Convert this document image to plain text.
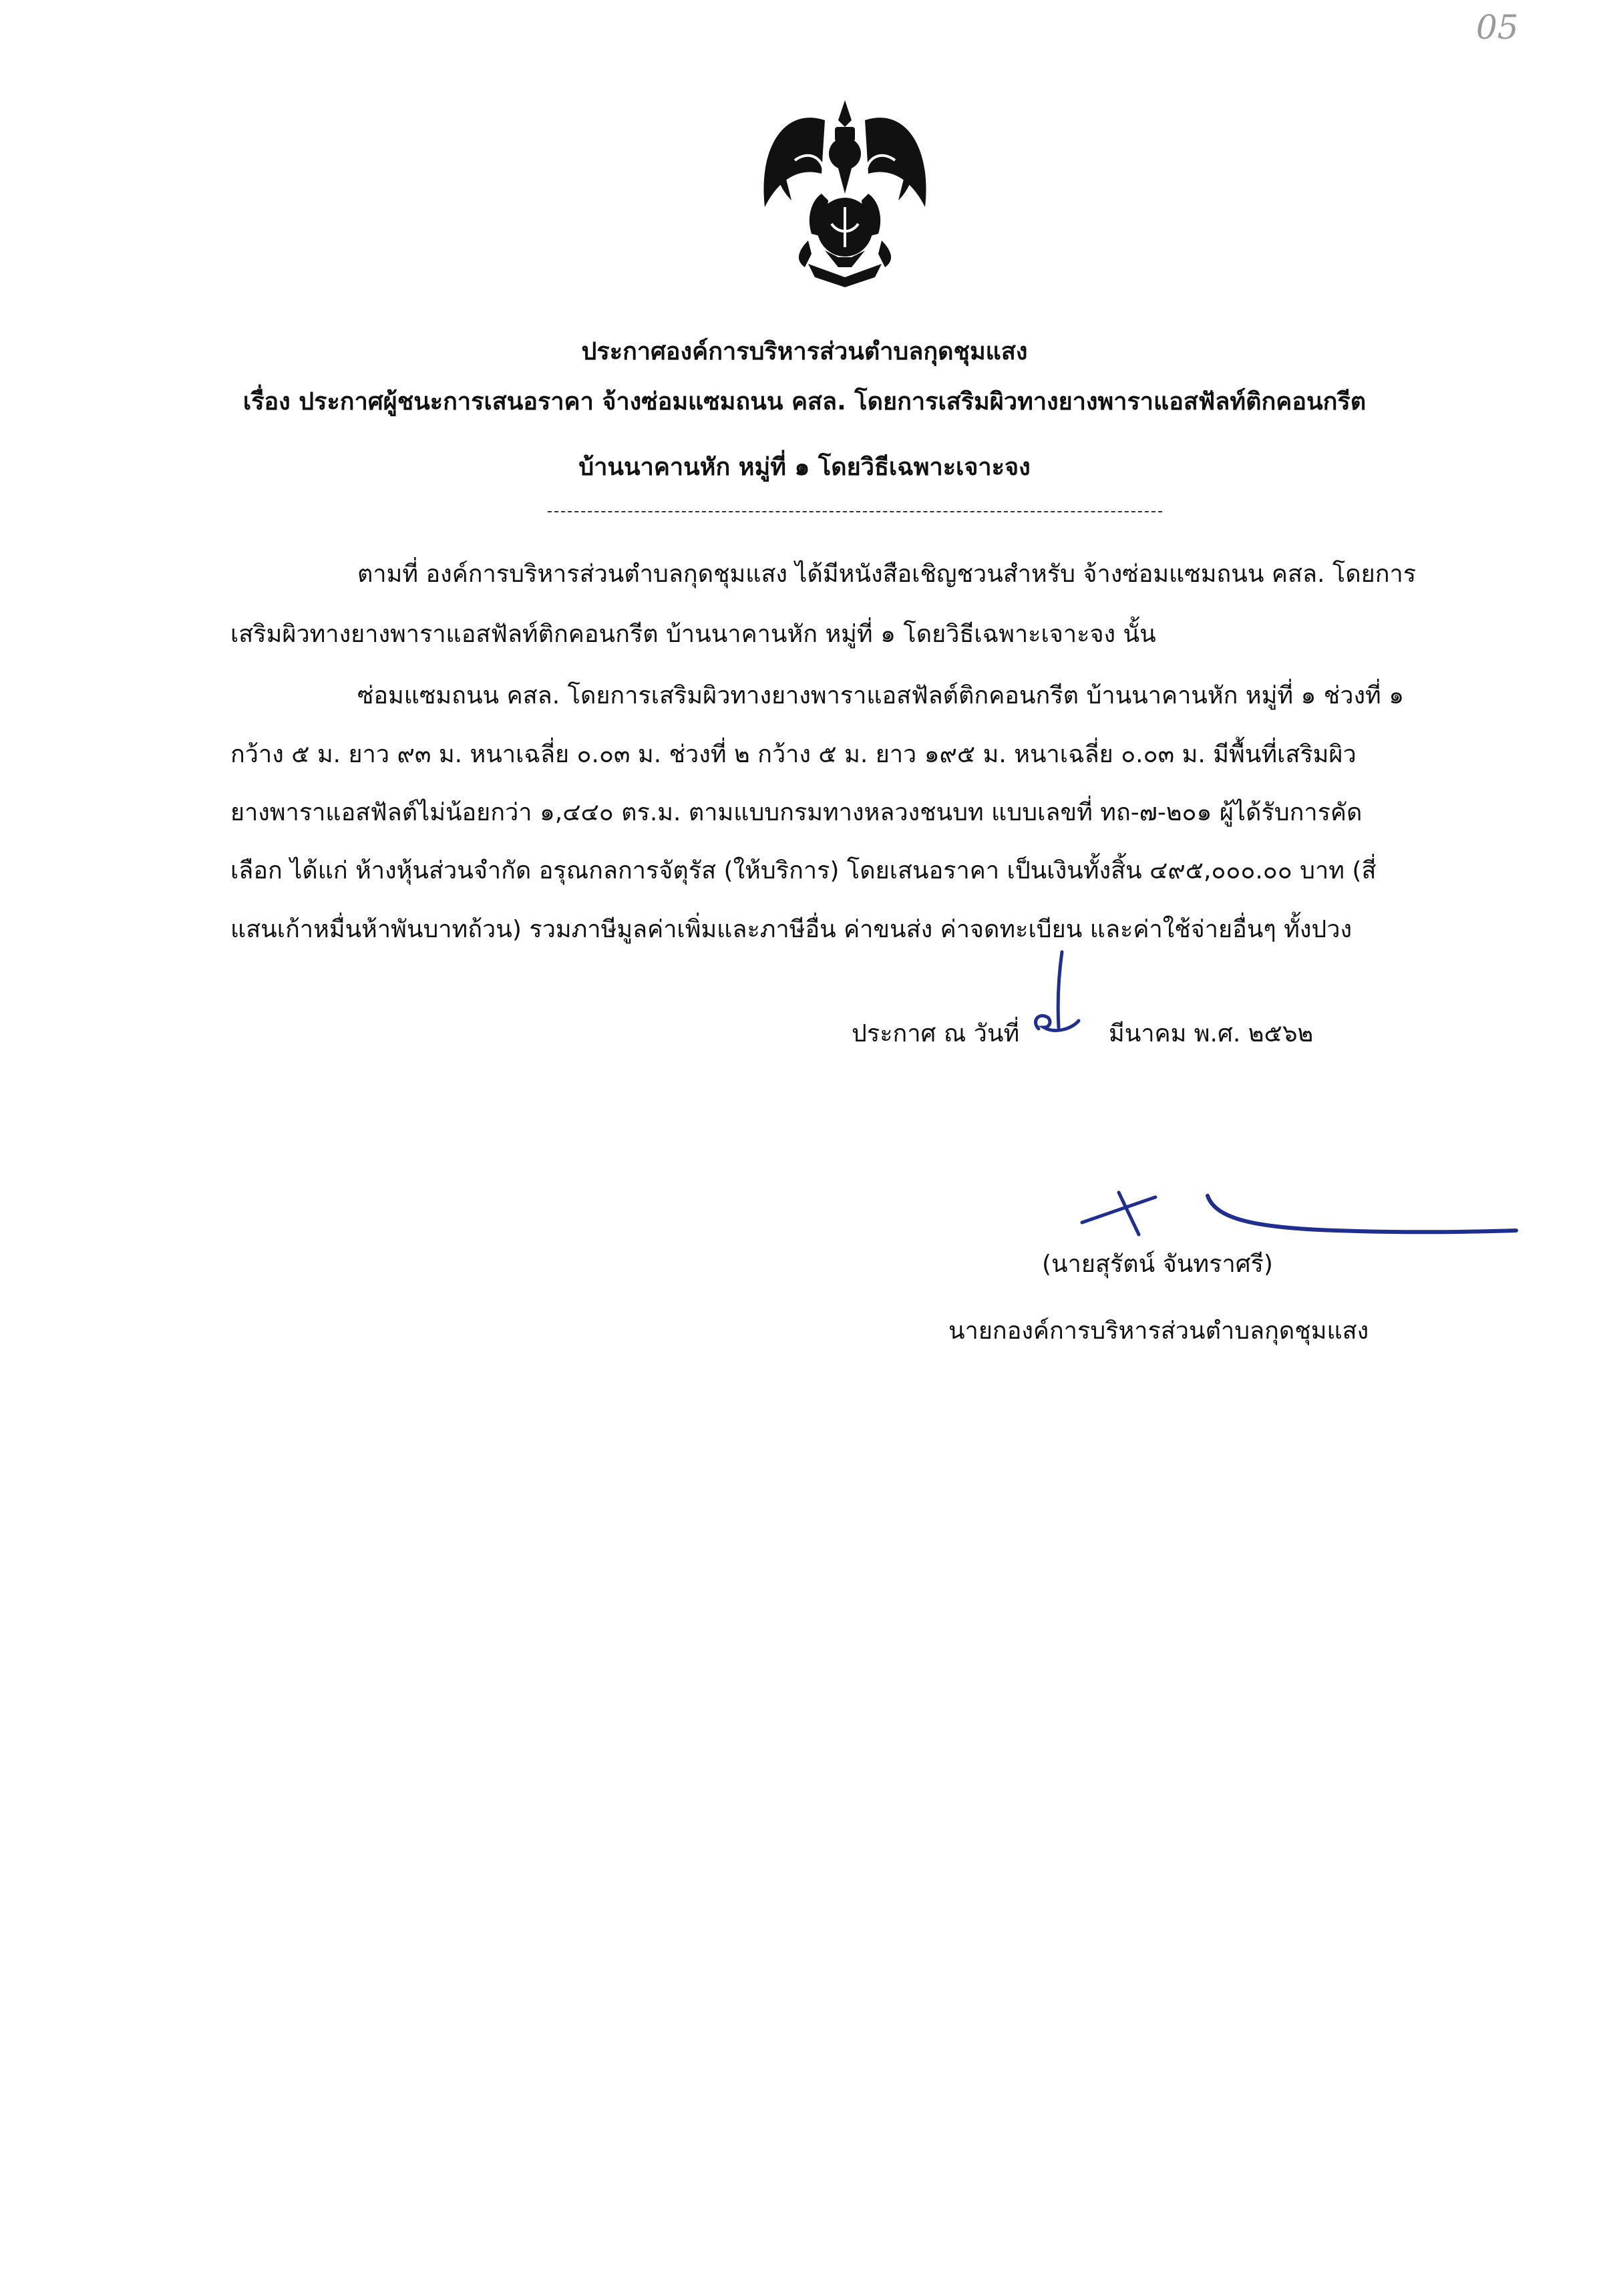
05
ประกาศองค์การบริหารส่วนตำบลกุดชุมแสง
เรื่อง ประกาศผู้ชนะการเสนอราคา จ้างซ่อมแซมถนน คสล. โดยการเสริมผิวทางยางพาราแอสฟัลท์ติกคอนกรีต
บ้านนาคานหัก หมู่ที่ ๑ โดยวิธีเฉพาะเจาะจง
ตามที่ องค์การบริหารส่วนตำบลกุดชุมแสง ได้มีหนังสือเชิญชวนสำหรับ จ้างซ่อมแซมถนน คสล. โดยการ
เสริมผิวทางยางพาราแอสฟัลท์ติกคอนกรีต บ้านนาคานหัก หมู่ที่ ๑ โดยวิธีเฉพาะเจาะจง นั้น
ซ่อมแซมถนน คสล. โดยการเสริมผิวทางยางพาราแอสฟัลต์ติกคอนกรีต บ้านนาคานหัก หมู่ที่ ๑ ช่วงที่ ๑
กว้าง ๕ ม. ยาว ๙๓ ม. หนาเฉลี่ย ๐.๐๓ ม. ช่วงที่ ๒ กว้าง ๕ ม. ยาว ๑๙๕ ม. หนาเฉลี่ย ๐.๐๓ ม. มีพื้นที่เสริมผิว
ยางพาราแอสฟัลต์ไม่น้อยกว่า ๑,๔๔๐ ตร.ม. ตามแบบกรมทางหลวงชนบท แบบเลขที่ ทถ-๗-๒๐๑ ผู้ได้รับการคัด
เลือก ได้แก่ ห้างหุ้นส่วนจำกัด อรุณกลการจัตุรัส (ให้บริการ) โดยเสนอราคา เป็นเงินทั้งสิ้น ๔๙๕,๐๐๐.๐๐ บาท (สี่
แสนเก้าหมื่นห้าพันบาทถ้วน) รวมภาษีมูลค่าเพิ่มและภาษีอื่น ค่าขนส่ง ค่าจดทะเบียน และค่าใช้จ่ายอื่นๆ ทั้งปวง
ประกาศ ณ วันที่	มีนาคม พ.ศ. ๒๕๖๒
(นายสุรัตน์ จันทราศรี)
นายกองค์การบริหารส่วนตำบลกุดชุมแสง
